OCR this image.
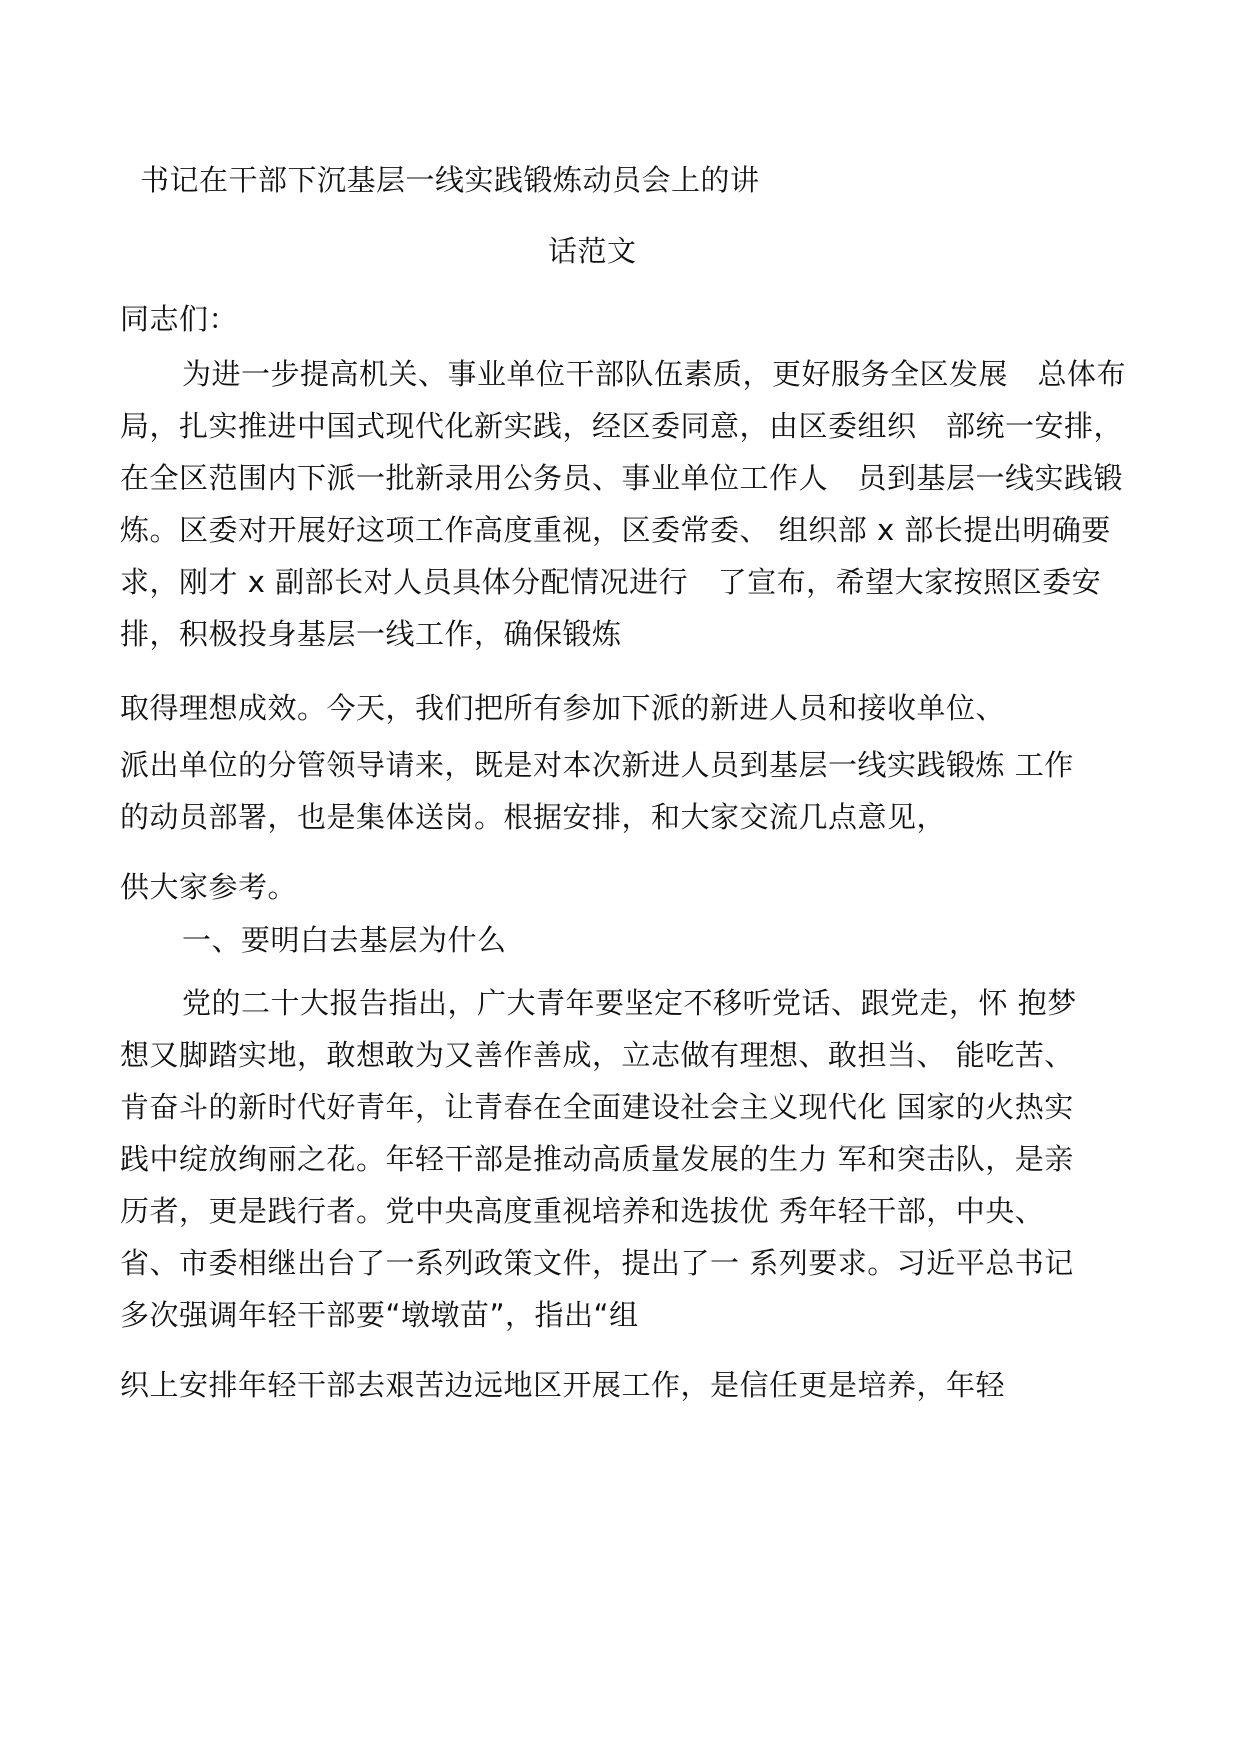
书记在干部下沉基层一线实践锻炼动员会上的讲
话范文
同志们：
为进一步提高机关、事业单位干部队伍素质，更好服务全区发展　总体布
局，扎实推进中国式现代化新实践，经区委同意，由区委组织　部统一安排，
在全区范围内下派一批新录用公务员、事业单位工作人　员到基层一线实践锻
炼。区委对开展好这项工作高度重视，区委常委、 组织部 x 部长提出明确要
求，刚才 x 副部长对人员具体分配情况进行　了宣布，希望大家按照区委安
排，积极投身基层一线工作，确保锻炼
取得理想成效。今天，我们把所有参加下派的新进人员和接收单位、
派出单位的分管领导请来，既是对本次新进人员到基层一线实践锻炼 工作
的动员部署，也是集体送岗。根据安排，和大家交流几点意见，
供大家参考。
一、要明白去基层为什么
党的二十大报告指出，广大青年要坚定不移听党话、跟党走，怀 抱梦
想又脚踏实地，敢想敢为又善作善成，立志做有理想、敢担当、 能吃苦、
肯奋斗的新时代好青年，让青春在全面建设社会主义现代化 国家的火热实
践中绽放绚丽之花。年轻干部是推动高质量发展的生力 军和突击队，是亲
历者，更是践行者。党中央高度重视培养和选拔优 秀年轻干部，中央、
省、市委相继出台了一系列政策文件，提出了一 系列要求。习近平总书记
多次强调年轻干部要“墩墩苗”，指出“组
织上安排年轻干部去艰苦边远地区开展工作，是信任更是培养，年轻
